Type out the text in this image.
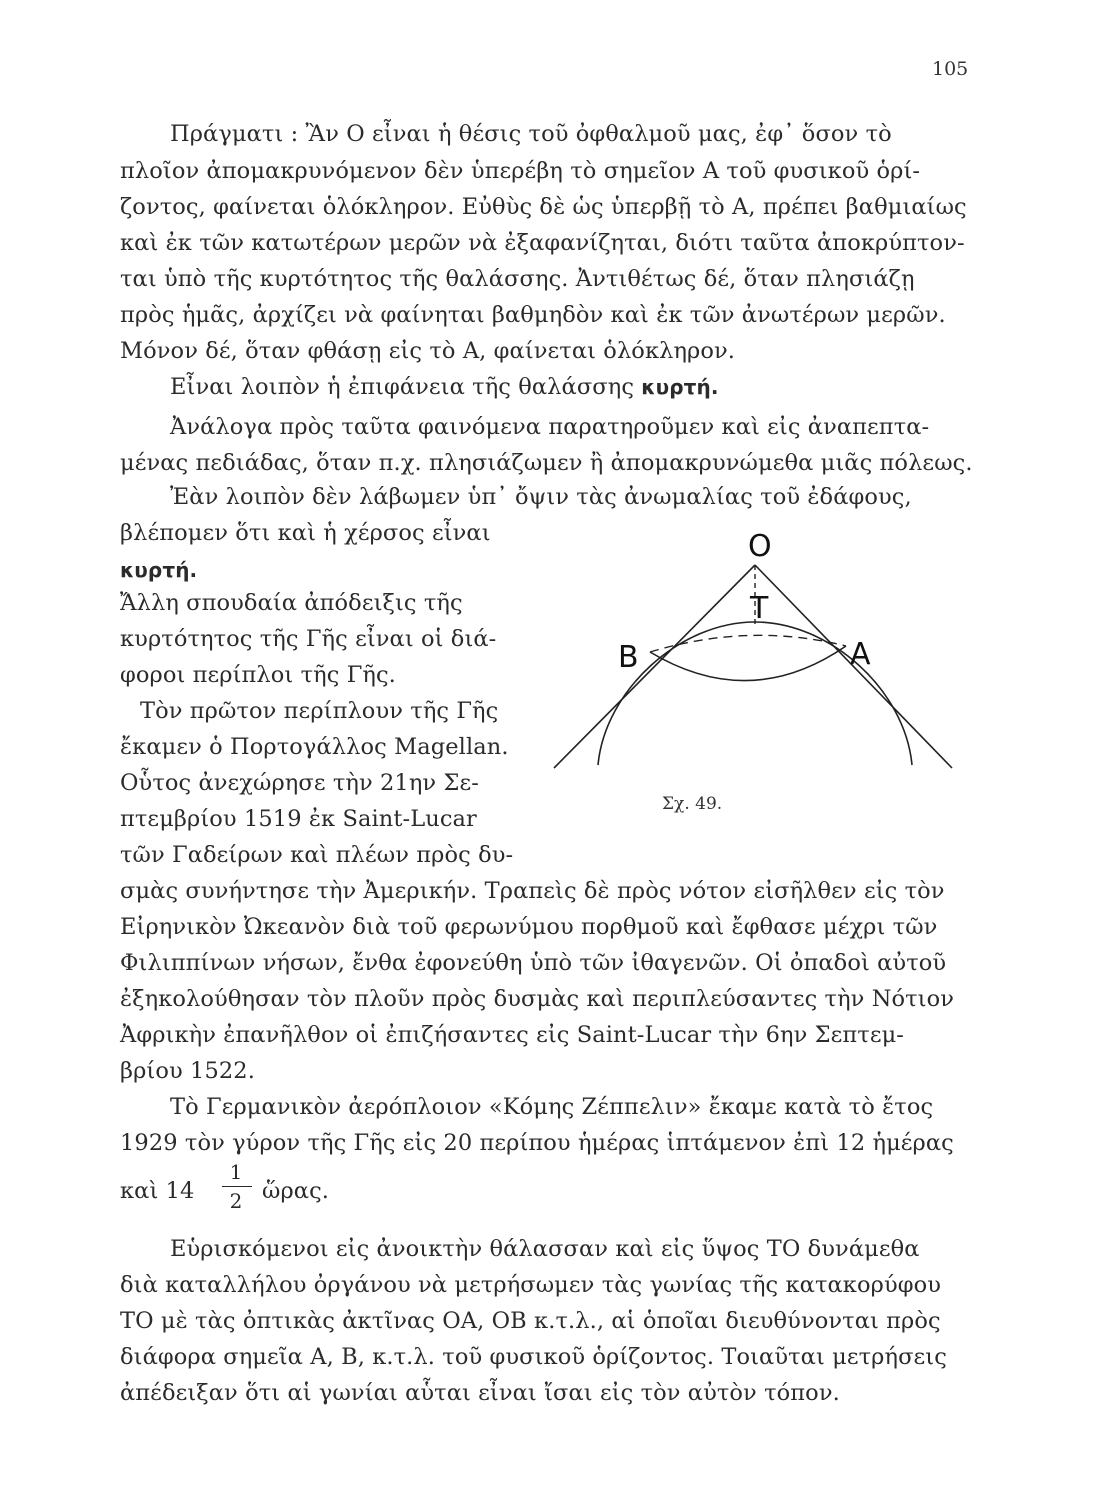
105
Πράγματι : Ἂν Ο εἶναι ἡ θέσις τοῦ ὀφθαλμοῦ μας, ἐφ᾽ ὅσον τὸ
πλοῖον ἀπομακρυνόμενον δὲν ὑπερέβη τὸ σημεῖον Α τοῦ φυσικοῦ ὁρί-
ζοντος, φαίνεται ὁλόκληρον. Εὐθὺς δὲ ὡς ὑπερβῇ τὸ Α, πρέπει βαθμιαίως
καὶ ἐκ τῶν κατωτέρων μερῶν νὰ ἐξαφανίζηται, διότι ταῦτα ἀποκρύπτον-
ται ὑπὸ τῆς κυρτότητος τῆς θαλάσσης. Ἀντιθέτως δέ, ὅταν πλησιάζῃ
πρὸς ἡμᾶς, ἀρχίζει νὰ φαίνηται βαθμηδὸν καὶ ἐκ τῶν ἀνωτέρων μερῶν.
Μόνον δέ, ὅταν φθάσῃ εἰς τὸ Α, φαίνεται ὁλόκληρον.
Εἶναι λοιπὸν ἡ ἐπιφάνεια τῆς θαλάσσης κυρτή.
Ἀνάλογα πρὸς ταῦτα φαινόμενα παρατηροῦμεν καὶ εἰς ἀναπεπτα-
μένας πεδιάδας, ὅταν π.χ. πλησιάζωμεν ἢ ἀπομακρυνώμεθα μιᾶς πόλεως.
Ἐὰν λοιπὸν δὲν λάβωμεν ὑπ᾽ ὄψιν τὰς ἀνωμαλίας τοῦ ἐδάφους,
βλέπομεν ὅτι καὶ ἡ χέρσος εἶναι
κυρτή.
Ἄλλη σπουδαία ἀπόδειξις τῆς
κυρτότητος τῆς Γῆς εἶναι οἱ διά-
φοροι περίπλοι τῆς Γῆς.
Τὸν πρῶτον περίπλουν τῆς Γῆς
ἔκαμεν ὁ Πορτογάλλος Magellan.
Οὗτος ἀνεχώρησε τὴν 21ην Σε-
πτεμβρίου 1519 ἐκ Saint-Lucar
τῶν Γαδείρων καὶ πλέων πρὸς δυ-
σμὰς συνήντησε τὴν Ἀμερικήν. Τραπεὶς δὲ πρὸς νότον εἰσῆλθεν εἰς τὸν
Εἰρηνικὸν Ὠκεανὸν διὰ τοῦ φερωνύμου πορθμοῦ καὶ ἔφθασε μέχρι τῶν
Φιλιππίνων νήσων, ἔνθα ἐφονεύθη ὑπὸ τῶν ἰθαγενῶν. Οἱ ὀπαδοὶ αὐτοῦ
ἐξηκολούθησαν τὸν πλοῦν πρὸς δυσμὰς καὶ περιπλεύσαντες τὴν Νότιον
Ἀφρικὴν ἐπανῆλθον οἱ ἐπιζήσαντες εἰς Saint-Lucar τὴν 6ην Σεπτεμ-
βρίου 1522.
Τὸ Γερμανικὸν ἀερόπλοιον «Κόμης Ζέππελιν» ἔκαμε κατὰ τὸ ἔτος
1929 τὸν γύρον τῆς Γῆς εἰς 20 περίπου ἡμέρας ἱπτάμενον ἐπὶ 12 ἡμέρας
καὶ 14
1
2 ὥρας.
Εὑρισκόμενοι εἰς ἀνοικτὴν θάλασσαν καὶ εἰς ὕψος ΤΟ δυνάμεθα
διὰ καταλλήλου ὀργάνου νὰ μετρήσωμεν τὰς γωνίας τῆς κατακορύφου
ΤΟ μὲ τὰς ὀπτικὰς ἀκτῖνας ΟΑ, ΟΒ κ.τ.λ., αἱ ὁποῖαι διευθύνονται πρὸς
διάφορα σημεῖα Α, Β, κ.τ.λ. τοῦ φυσικοῦ ὁρίζοντος. Τοιαῦται μετρήσεις
ἀπέδειξαν ὅτι αἱ γωνίαι αὗται εἶναι ἴσαι εἰς τὸν αὐτὸν τόπον.
O
T
B	A
Σχ. 49.
